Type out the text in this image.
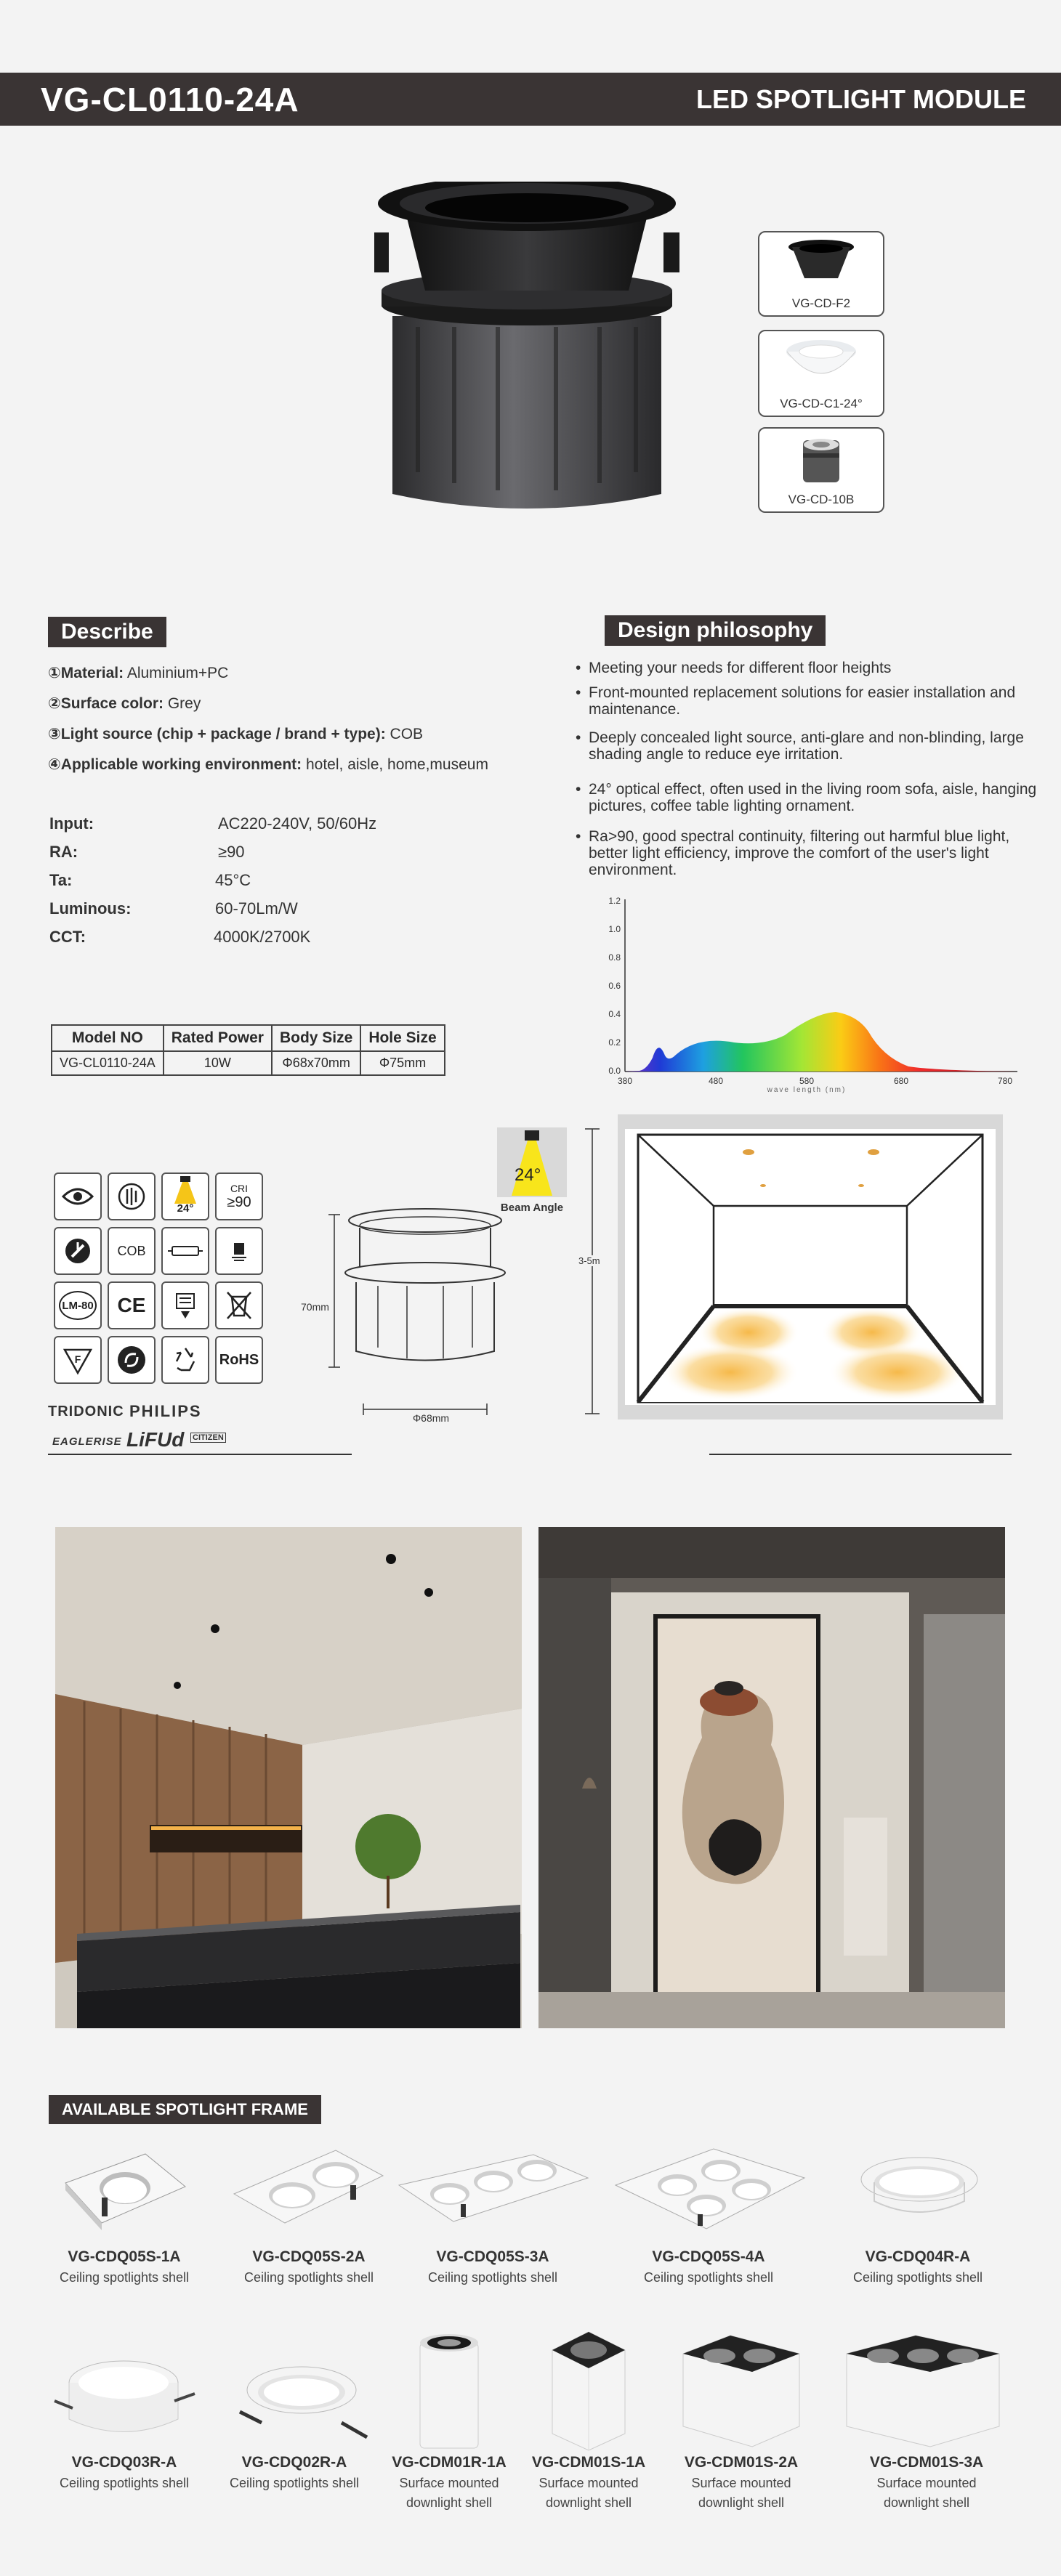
VG-CL0110-24A	LED SPOTLIGHT MODULE
VG-CD-F2
VG-CD-C1-24°
VG-CD-10B
Describe
①Material: Aluminium+PC
②Surface color: Grey
③Light source (chip + package / brand + type): COB
④Applicable working environment: hotel, aisle, home,museum
Input:	AC220-240V, 50/60Hz
RA:	≥90
Ta:	45°C
Luminous:	60-70Lm/W
CCT:	4000K/2700K
Design philosophy
• Meeting your needs for different floor heights
• Front-mounted replacement solutions for easier installation and maintenance.
• Deeply concealed light source, anti-glare and non-blinding, large shading angle to reduce eye irritation.
• 24° optical effect, often used in the living room sofa, aisle, hanging pictures, coffee table lighting ornament.
• Ra>90, good spectral continuity, filtering out harmful blue light, better light efficiency, improve the comfort of the user's light environment.
1.2
1.0
0.8
0.6
0.4
0.2
0.0
380	480	580	680	780
wave length (nm)
Model NO	Rated Power	Body Size	Hole Size
VG-CL0110-24A	10W	Φ68x70mm	Φ75mm
24°
CRI
≥90
COB
LM-80	CE
F	RoHS
TRIDONIC PHILIPS
EAGLERISE LiFUd CITIZEN
70mm
Φ68mm
24°
Beam Angle
3-5m
AVAILABLE SPOTLIGHT FRAME
VG-CDQ05S-1A
Ceiling spotlights shell
VG-CDQ05S-2A
Ceiling spotlights shell
VG-CDQ05S-3A
Ceiling spotlights shell
VG-CDQ05S-4A
Ceiling spotlights shell
VG-CDQ04R-A
Ceiling spotlights shell
VG-CDQ03R-A
Ceiling spotlights shell
VG-CDQ02R-A
Ceiling spotlights shell
VG-CDM01R-1A
Surface mounted
downlight shell
VG-CDM01S-1A
Surface mounted
downlight shell
VG-CDM01S-2A
Surface mounted
downlight shell
VG-CDM01S-3A
Surface mounted
downlight shell
